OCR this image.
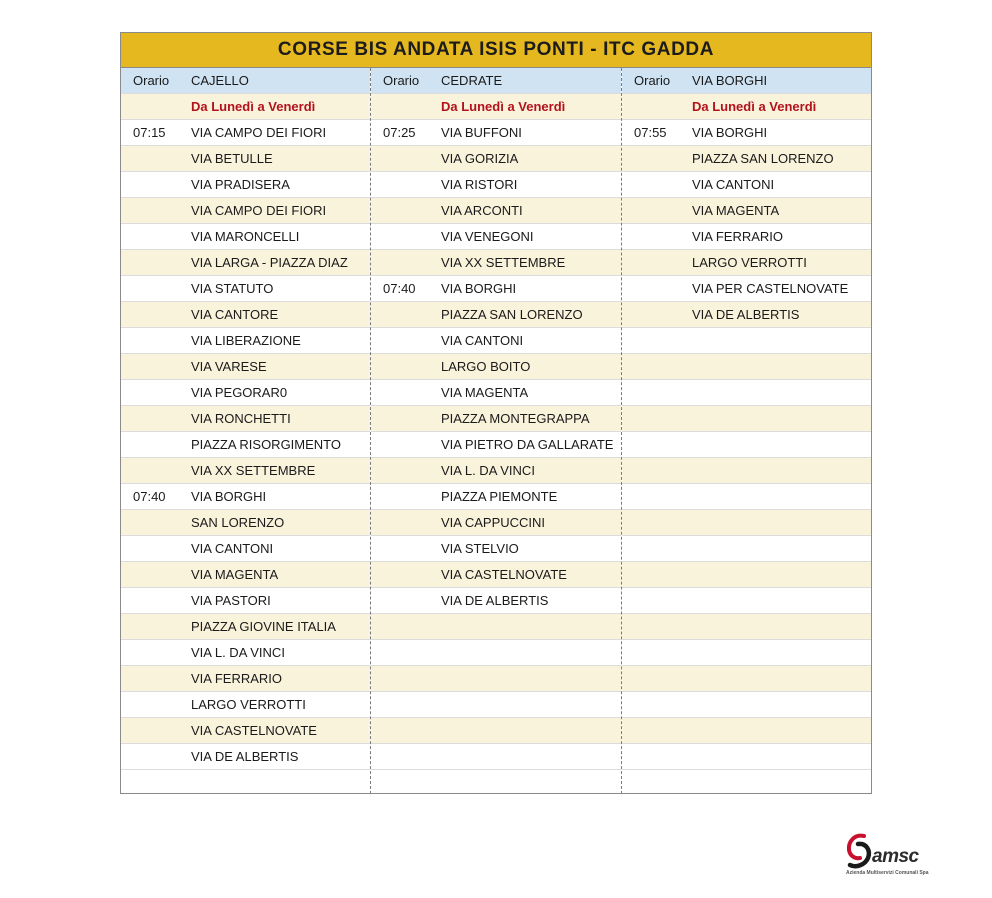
CORSE BIS ANDATA ISIS PONTI - ITC GADDA
Orario CAJELLO
Da Lunedì a Venerdì
07:15 VIA CAMPO DEI FIORI
VIA BETULLE
VIA PRADISERA
VIA CAMPO DEI FIORI
VIA MARONCELLI
VIA LARGA - PIAZZA DIAZ
VIA STATUTO
VIA CANTORE
VIA LIBERAZIONE
VIA VARESE
VIA PEGORAR0
VIA RONCHETTI
PIAZZA RISORGIMENTO
VIA XX SETTEMBRE
07:40 VIA BORGHI
SAN LORENZO
VIA CANTONI
VIA MAGENTA
VIA PASTORI
PIAZZA GIOVINE ITALIA
VIA L. DA VINCI
VIA FERRARIO
LARGO VERROTTI
VIA CASTELNOVATE
VIA DE ALBERTIS
Orario CEDRATE
Da Lunedì a Venerdì
07:25 VIA BUFFONI
VIA GORIZIA
VIA RISTORI
VIA ARCONTI
VIA VENEGONI
VIA XX SETTEMBRE
07:40 VIA BORGHI
PIAZZA SAN LORENZO
VIA CANTONI
LARGO BOITO
VIA MAGENTA
PIAZZA MONTEGRAPPA
VIA PIETRO DA GALLARATE
VIA L. DA VINCI
PIAZZA PIEMONTE
VIA CAPPUCCINI
VIA STELVIO
VIA CASTELNOVATE
VIA DE ALBERTIS
Orario VIA BORGHI
Da Lunedì a Venerdì
07:55 VIA BORGHI
PIAZZA SAN LORENZO
VIA CANTONI
VIA MAGENTA
VIA FERRARIO
LARGO VERROTTI
VIA PER CASTELNOVATE
VIA DE ALBERTIS
amsc
Azienda Multiservizi Comunali Spa
